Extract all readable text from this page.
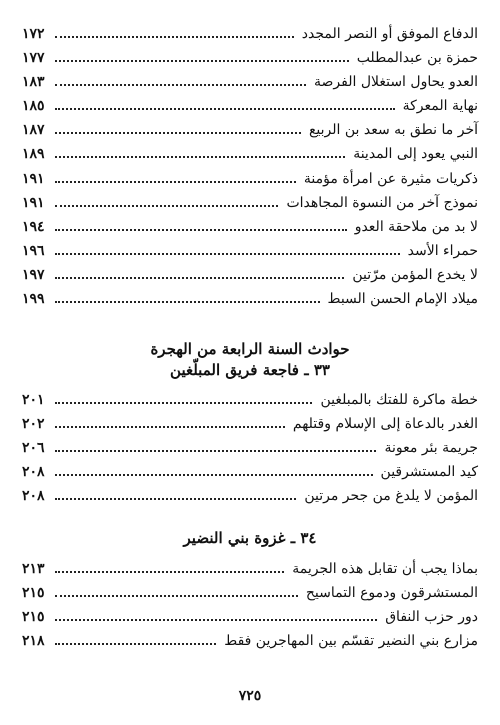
الدفاع الموفق أو النصر المجدد
١٧٢
حمزة بن عبدالمطلب
١٧٧
العدو يحاول استغلال الفرصة
١٨٣
نهاية المعركة
١٨٥
آخر ما نطق به سعد بن الربيع
١٨٧
النبي يعود إلى المدينة
١٨٩
ذكريات مثيرة عن امرأة مؤمنة
١٩١
نموذج آخر من النسوة المجاهدات
١٩١
لا بد من ملاحقة العدو
١٩٤
حمراء الأسد
١٩٦
لا يخدع المؤمن مرّتين
١٩٧
ميلاد الإمام الحسن السبط
١٩٩
حوادث السنة الرابعة من الهجرة
٣٣ ـ فاجعة فريق المبلّغين
خطة ماكرة للفتك بالمبلغين
٢٠١
الغدر بالدعاة إلى الإسلام وقتلهم
٢٠٢
جريمة بئر معونة
٢٠٦
كيد المستشرقين
٢٠٨
المؤمن لا يلدغ من جحر مرتين
٢٠٨
٣٤ ـ غزوة بني النضير
بماذا يجب أن تقابل هذه الجريمة
٢١٣
المستشرقون ودموع التماسيح
٢١٥
دور حزب النفاق
٢١٥
مزارع بني النضير تقسّم بين المهاجرين فقط
٢١٨
٧٢٥
